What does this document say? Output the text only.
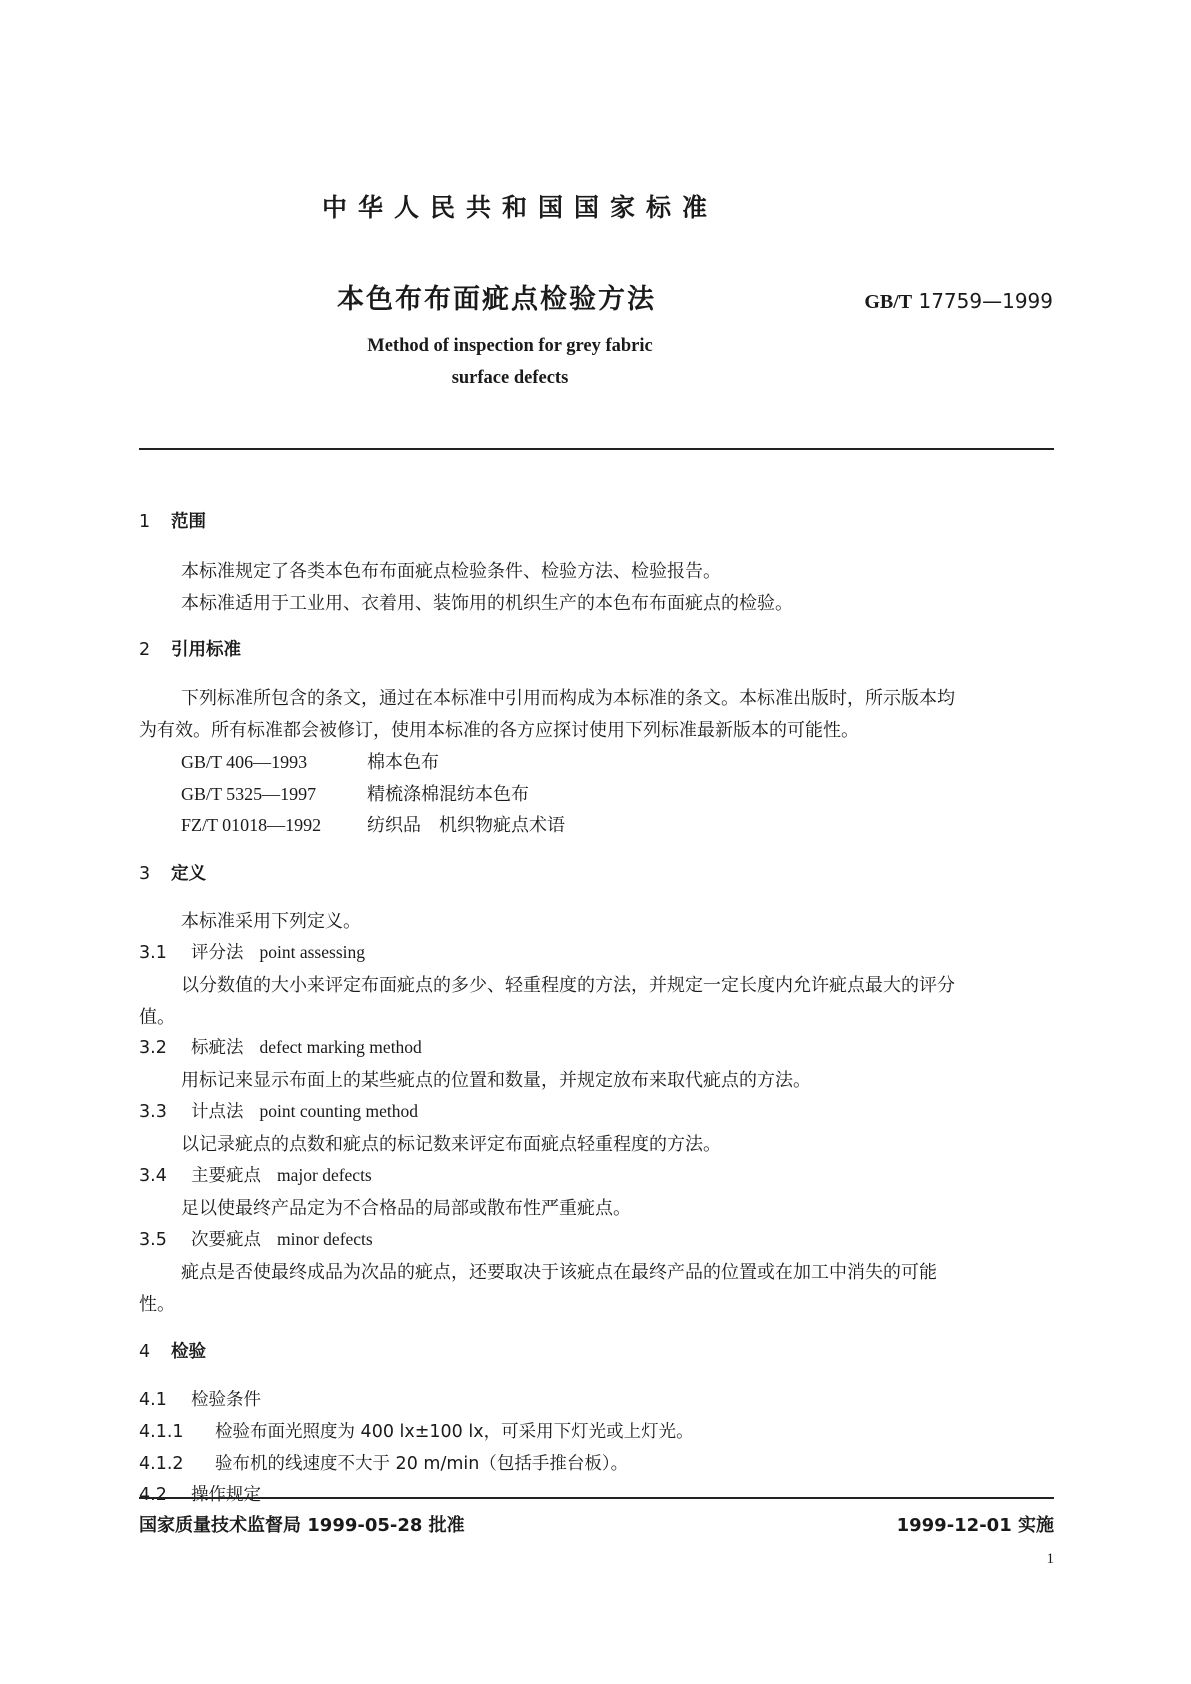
中华人民共和国国家标准
本色布布面疵点检验方法	GB/T 17759—1999
Method of inspection for grey fabric
surface defects
1 范围
本标准规定了各类本色布布面疵点检验条件、检验方法、检验报告。
本标准适用于工业用、衣着用、装饰用的机织生产的本色布布面疵点的检验。
2 引用标准
下列标准所包含的条文，通过在本标准中引用而构成为本标准的条文。本标准出版时，所示版本均
为有效。所有标准都会被修订，使用本标准的各方应探讨使用下列标准最新版本的可能性。
GB/T 406—1993	棉本色布
GB/T 5325—1997	精梳涤棉混纺本色布
FZ/T 01018—1992	纺织品　机织物疵点术语
3 定义
本标准采用下列定义。
3.1 评分法 point assessing
以分数值的大小来评定布面疵点的多少、轻重程度的方法，并规定一定长度内允许疵点最大的评分
值。
3.2 标疵法 defect marking method
用标记来显示布面上的某些疵点的位置和数量，并规定放布来取代疵点的方法。
3.3 计点法 point counting method
以记录疵点的点数和疵点的标记数来评定布面疵点轻重程度的方法。
3.4 主要疵点 major defects
足以使最终产品定为不合格品的局部或散布性严重疵点。
3.5 次要疵点 minor defects
疵点是否使最终成品为次品的疵点，还要取决于该疵点在最终产品的位置或在加工中消失的可能
性。
4 检验
4.1 检验条件
4.1.1 检验布面光照度为 400 lx±100 lx，可采用下灯光或上灯光。
4.1.2 验布机的线速度不大于 20 m/min（包括手推台板）。
4.2 操作规定
国家质量技术监督局 1999-05-28 批准	1999-12-01 实施
1
